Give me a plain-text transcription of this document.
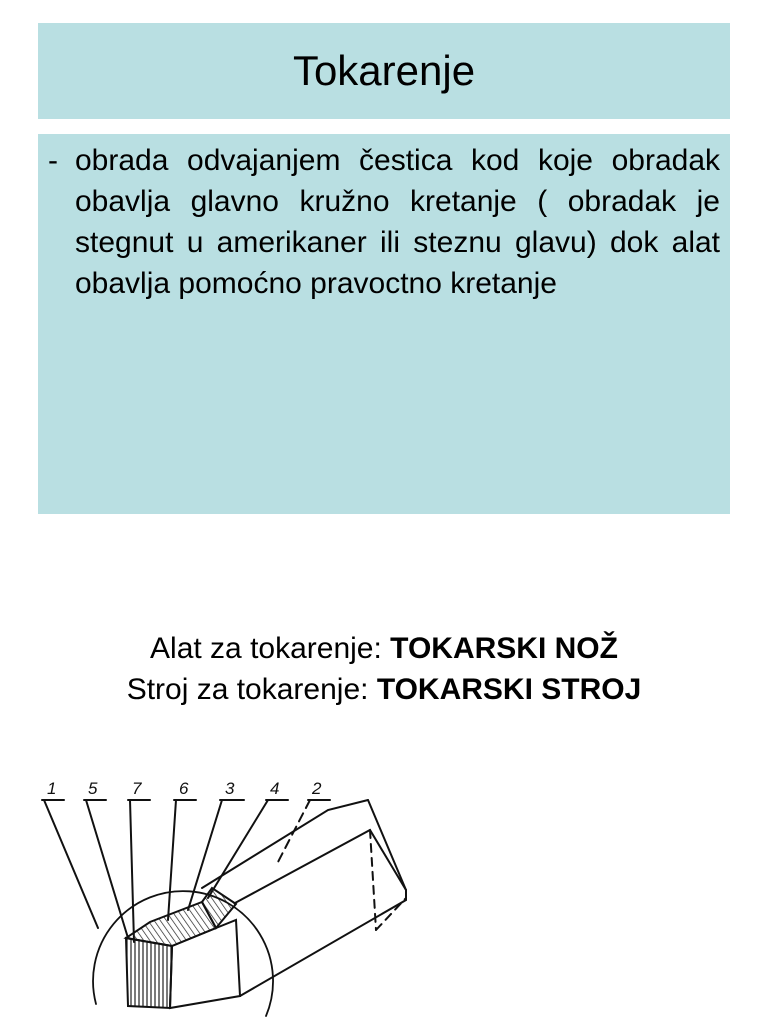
Tokarenje
- obrada odvajanjem čestica kod koje obradak obavlja glavno kružno kretanje ( obradak je stegnut u amerikaner ili steznu glavu) dok alat obavlja pomoćno pravoctno kretanje
Alat za tokarenje: TOKARSKI NOŽ
Stroj za tokarenje: TOKARSKI STROJ
1 5 7 6 3 4 2
